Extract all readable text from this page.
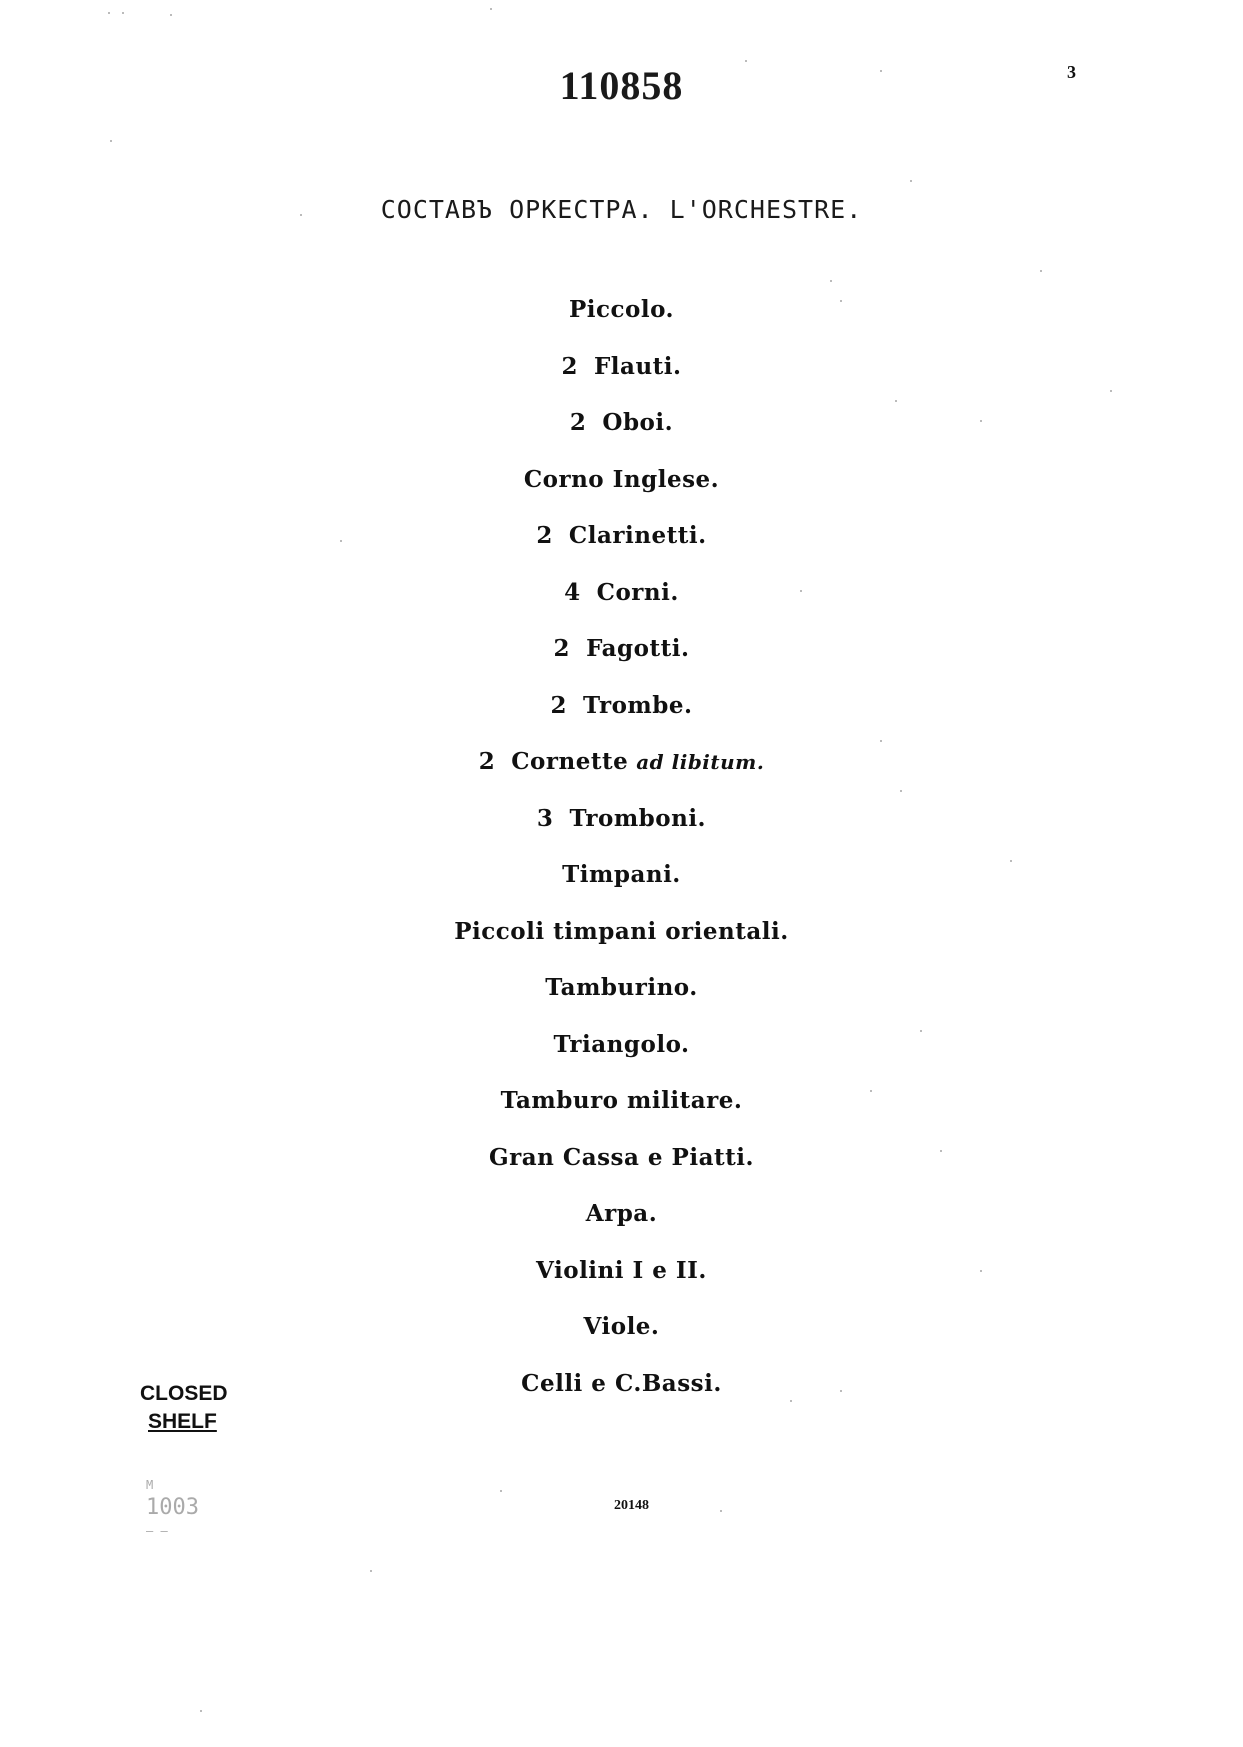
110858	3
СОСТАВЪ ОРКЕСТРА. L'ORCHESTRE.
Piccolo.
2 Flauti.
2 Oboi.
Corno Inglese.
2 Clarinetti.
4 Corni.
2 Fagotti.
2 Trombe.
2 Cornette ad libitum.
3 Tromboni.
Timpani.
Piccoli timpani orientali.
Tamburino.
Triangolo.
Tamburo militare.
Gran Cassa e Piatti.
Arpa.
Violini I e II.
Viole.
Celli e C.Bassi.
20148
CLOSED
SHELF
M
1003
— —
